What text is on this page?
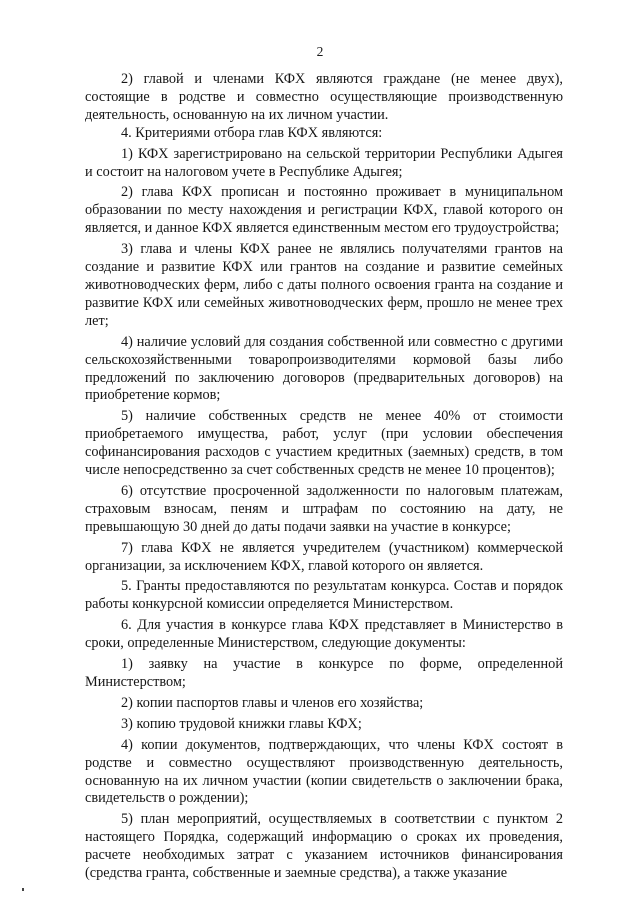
2

2) главой и членами КФХ являются граждане (не менее двух), состоящие в родстве и совместно осуществляющие производственную деятельность, основанную на их личном участии.

4. Критериями отбора глав КФХ являются:

1) КФХ зарегистрировано на сельской территории Республики Адыгея и состоит на налоговом учете в Республике Адыгея;

2) глава КФХ прописан и постоянно проживает в муниципальном образовании по месту нахождения и регистрации КФХ, главой которого он является, и данное КФХ является единственным местом его трудоустройства;

3) глава и члены КФХ ранее не являлись получателями грантов на создание и развитие КФХ или грантов на создание и развитие семейных животноводческих ферм, либо с даты полного освоения гранта на создание и развитие КФХ или семейных животноводческих ферм, прошло не менее трех лет;

4) наличие условий для создания собственной или совместно с другими сельскохозяйственными товаропроизводителями кормовой базы либо предложений по заключению договоров (предварительных договоров) на приобретение кормов;

5) наличие собственных средств не менее 40% от стоимости приобретаемого имущества, работ, услуг (при условии обеспечения софинансирования расходов с участием кредитных (заемных) средств, в том числе непосредственно за счет собственных средств не менее 10 процентов);

6) отсутствие просроченной задолженности по налоговым платежам, страховым взносам, пеням и штрафам по состоянию на дату, не превышающую 30 дней до даты подачи заявки на участие в конкурсе;

7) глава КФХ не является учредителем (участником) коммерческой организации, за исключением КФХ, главой которого он является.

5. Гранты предоставляются по результатам конкурса. Состав и порядок работы конкурсной комиссии определяется Министерством.

6. Для участия в конкурсе глава КФХ представляет в Министерство в сроки, определенные Министерством, следующие документы:

1) заявку на участие в конкурсе по форме, определенной Министерством;

2) копии паспортов главы и членов его хозяйства;

3) копию трудовой книжки главы КФХ;

4) копии документов, подтверждающих, что члены КФХ состоят в родстве и совместно осуществляют производственную деятельность, основанную на их личном участии (копии свидетельств о заключении брака, свидетельств о рождении);

5) план мероприятий, осуществляемых в соответствии с пунктом 2 настоящего Порядка, содержащий информацию о сроках их проведения, расчете необходимых затрат с указанием источников финансирования (средства гранта, собственные и заемные средства), а также указание
